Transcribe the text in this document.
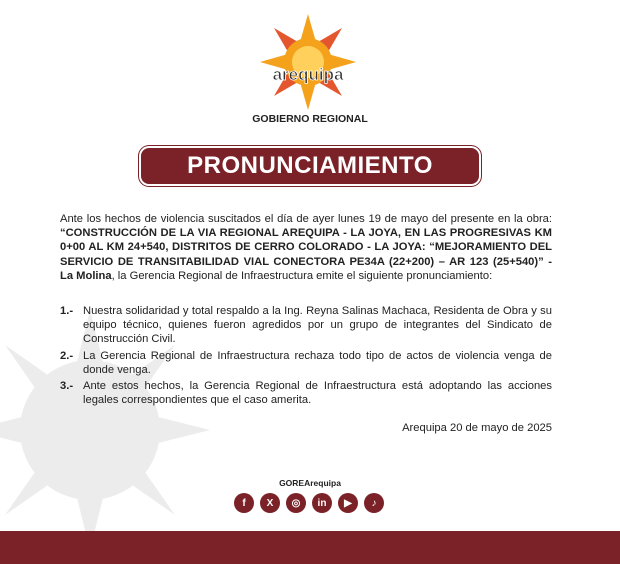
arequipa
GOBIERNO REGIONAL
PRONUNCIAMIENTO
Ante los hechos de violencia suscitados el día de ayer lunes 19 de mayo del presente en la obra: “CONSTRUCCIÓN DE LA VIA REGIONAL AREQUIPA - LA JOYA, EN LAS PROGRESIVAS KM 0+00 AL KM 24+540, DISTRITOS DE CERRO COLORADO - LA JOYA: “MEJORAMIENTO DEL SERVICIO DE TRANSITABILIDAD VIAL CONECTORA PE34A (22+200) – AR 123 (25+540)” - La Molina, la Gerencia Regional de Infraestructura emite el siguiente pronunciamiento:
1.- Nuestra solidaridad y total respaldo a la Ing. Reyna Salinas Machaca, Residenta de Obra y su equipo técnico, quienes fueron agredidos por un grupo de integrantes del Sindicato de Construcción Civil.
2.- La Gerencia Regional de Infraestructura rechaza todo tipo de actos de violencia venga de donde venga.
3.- Ante estos hechos, la Gerencia Regional de Infraestructura está adoptando las acciones legales correspondientes que el caso amerita.
Arequipa 20 de mayo de 2025
GOREArequipa
f	X	◎	in	▶	♪
